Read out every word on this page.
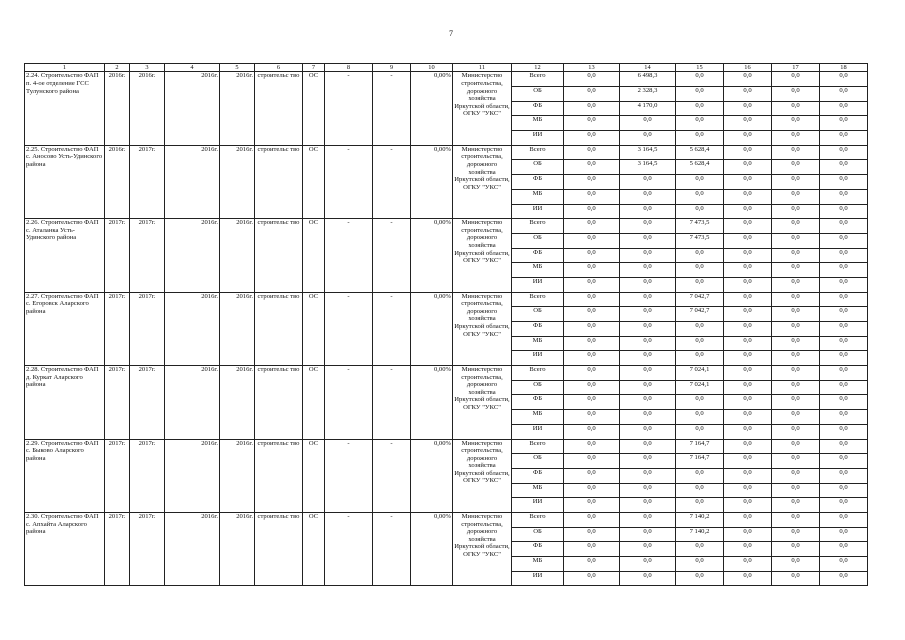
7
1	2	3	4	5	6	7	8	9	10	11	12	13	14	15	16	17	18
2.24. Строительство ФАП п. 4-ое отделение ГСС Тулунского района	2016г.	2016г.	2016г.	2016г.	строительс тво	ОС	-	-	0,00%	Министерство строительства, дорожного хозяйства Иркутской области, ОГКУ "УКС"	Всего	0,0	6 498,3	0,0	0,0	0,0	0,0
											ОБ	0,0	2 328,3	0,0	0,0	0,0	0,0
											ФБ	0,0	4 170,0	0,0	0,0	0,0	0,0
											МБ	0,0	0,0	0,0	0,0	0,0	0,0
											ИИ	0,0	0,0	0,0	0,0	0,0	0,0
2.25. Строительство ФАП с. Аносово Усть-Удинского района	2016г.	2017г.	2016г.	2016г.	строительс тво	ОС	-	-	0,00%	Министерство строительства, дорожного хозяйства Иркутской области, ОГКУ "УКС"	Всего	0,0	3 164,5	5 628,4	0,0	0,0	0,0
											ОБ	0,0	3 164,5	5 628,4	0,0	0,0	0,0
											ФБ	0,0	0,0	0,0	0,0	0,0	0,0
											МБ	0,0	0,0	0,0	0,0	0,0	0,0
											ИИ	0,0	0,0	0,0	0,0	0,0	0,0
2.26. Строительство ФАП с. Аталанка Усть-Удинского района	2017г.	2017г.	2016г.	2016г.	строительс тво	ОС	-	-	0,00%	Министерство строительства, дорожного хозяйства Иркутской области, ОГКУ "УКС"	Всего	0,0	0,0	7 473,5	0,0	0,0	0,0
											ОБ	0,0	0,0	7 473,5	0,0	0,0	0,0
											ФБ	0,0	0,0	0,0	0,0	0,0	0,0
											МБ	0,0	0,0	0,0	0,0	0,0	0,0
											ИИ	0,0	0,0	0,0	0,0	0,0	0,0
2.27. Строительство ФАП с. Егоровск Аларского района	2017г.	2017г.	2016г.	2016г.	строительс тво	ОС	-	-	0,00%	Министерство строительства, дорожного хозяйства Иркутской области, ОГКУ "УКС"	Всего	0,0	0,0	7 042,7	0,0	0,0	0,0
											ОБ	0,0	0,0	7 042,7	0,0	0,0	0,0
											ФБ	0,0	0,0	0,0	0,0	0,0	0,0
											МБ	0,0	0,0	0,0	0,0	0,0	0,0
											ИИ	0,0	0,0	0,0	0,0	0,0	0,0
2.28. Строительство ФАП д. Куркат Аларского района	2017г.	2017г.	2016г.	2016г.	строительс тво	ОС	-	-	0,00%	Министерство строительства, дорожного хозяйства Иркутской области, ОГКУ "УКС"	Всего	0,0	0,0	7 024,1	0,0	0,0	0,0
											ОБ	0,0	0,0	7 024,1	0,0	0,0	0,0
											ФБ	0,0	0,0	0,0	0,0	0,0	0,0
											МБ	0,0	0,0	0,0	0,0	0,0	0,0
											ИИ	0,0	0,0	0,0	0,0	0,0	0,0
2.29. Строительство ФАП с. Быково Аларского района	2017г.	2017г.	2016г.	2016г.	строительс тво	ОС	-	-	0,00%	Министерство строительства, дорожного хозяйства Иркутской области, ОГКУ "УКС"	Всего	0,0	0,0	7 164,7	0,0	0,0	0,0
											ОБ	0,0	0,0	7 164,7	0,0	0,0	0,0
											ФБ	0,0	0,0	0,0	0,0	0,0	0,0
											МБ	0,0	0,0	0,0	0,0	0,0	0,0
											ИИ	0,0	0,0	0,0	0,0	0,0	0,0
2.30. Строительство ФАП с. Апхайта Аларского района	2017г.	2017г.	2016г.	2016г.	строительс тво	ОС	-	-	0,00%	Министерство строительства, дорожного хозяйства Иркутской области, ОГКУ "УКС"	Всего	0,0	0,0	7 140,2	0,0	0,0	0,0
											ОБ	0,0	0,0	7 140,2	0,0	0,0	0,0
											ФБ	0,0	0,0	0,0	0,0	0,0	0,0
											МБ	0,0	0,0	0,0	0,0	0,0	0,0
											ИИ	0,0	0,0	0,0	0,0	0,0	0,0
